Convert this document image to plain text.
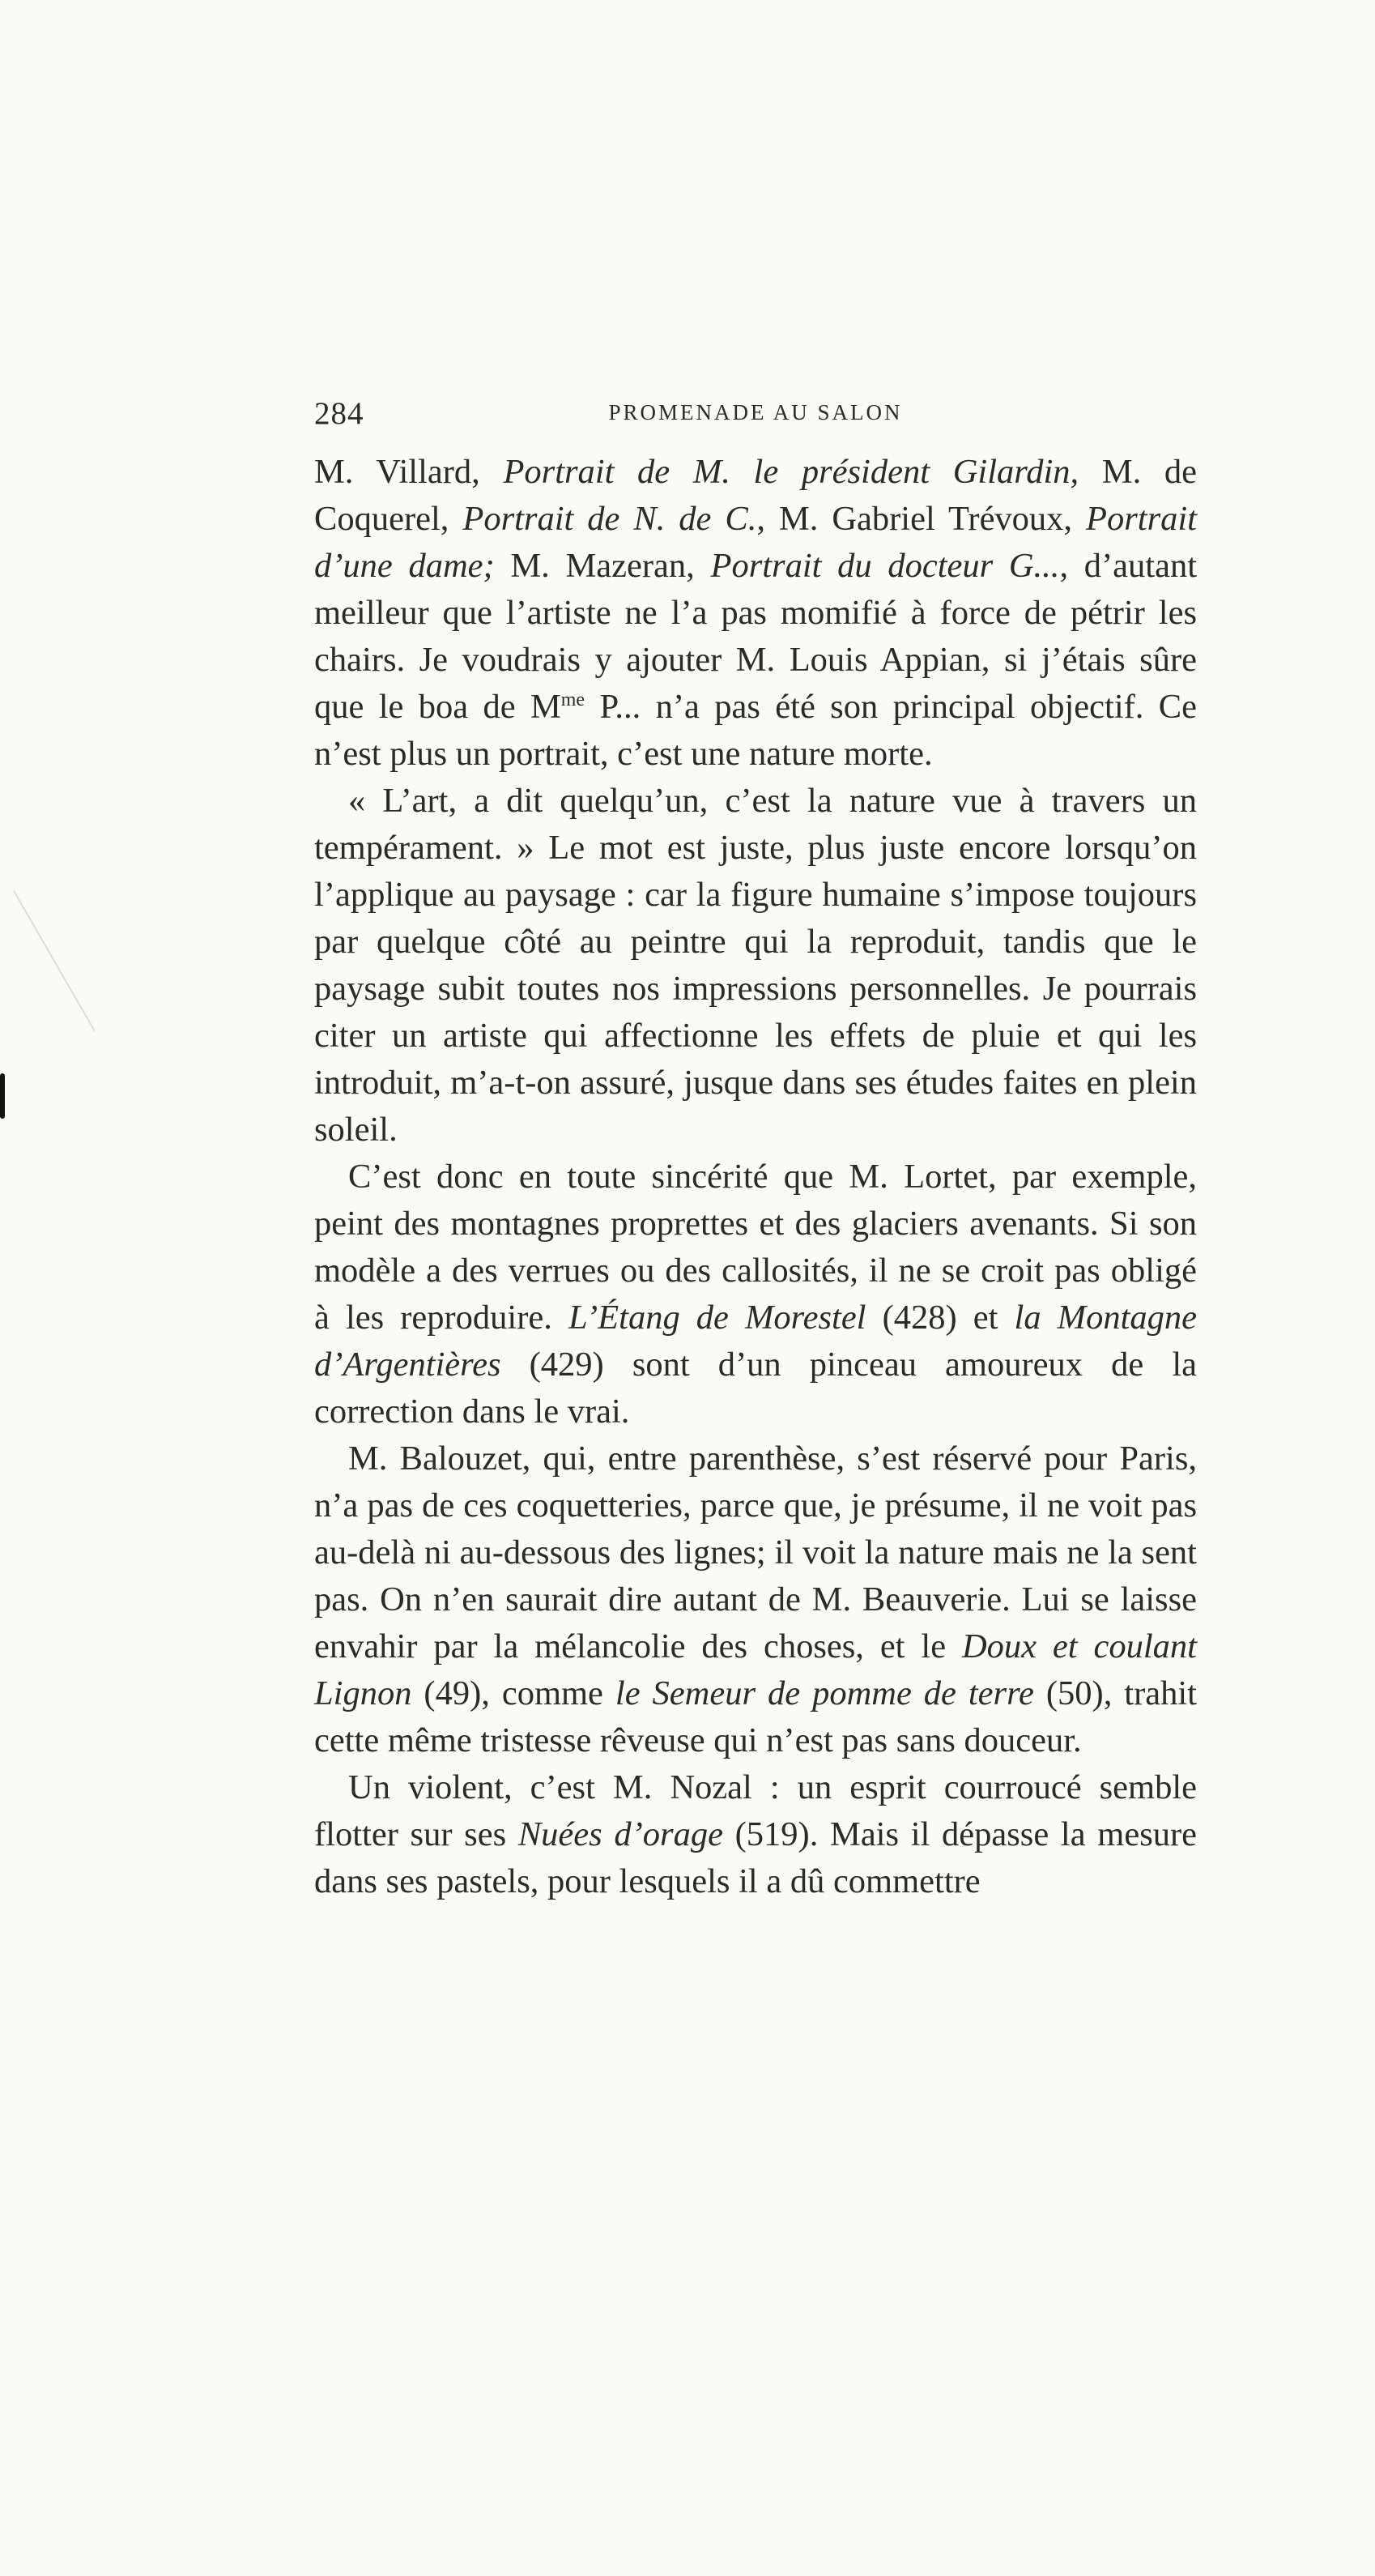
284	PROMENADE AU SALON

M. Villard, Portrait de M. le président Gilardin, M. de Coquerel, Portrait de N. de C., M. Gabriel Trévoux, Portrait d’une dame; M. Mazeran, Portrait du docteur G..., d’autant meilleur que l’artiste ne l’a pas momifié à force de pétrir les chairs. Je voudrais y ajouter M. Louis Appian, si j’étais sûre que le boa de $M^{me}$ P... n’a pas été son principal objectif. Ce n’est plus un portrait, c’est une nature morte.

« L’art, a dit quelqu’un, c’est la nature vue à travers un tempérament. » Le mot est juste, plus juste encore lorsqu’on l’applique au paysage : car la figure humaine s’impose toujours par quelque côté au peintre qui la reproduit, tandis que le paysage subit toutes nos impressions personnelles. Je pourrais citer un artiste qui affectionne les effets de pluie et qui les introduit, m’a-t-on assuré, jusque dans ses études faites en plein soleil.

C’est donc en toute sincérité que M. Lortet, par exemple, peint des montagnes proprettes et des glaciers avenants. Si son modèle a des verrues ou des callosités, il ne se croit pas obligé à les reproduire. L’Étang de Morestel (428) et la Montagne d’Argentières (429) sont d’un pinceau amoureux de la correction dans le vrai.

M. Balouzet, qui, entre parenthèse, s’est réservé pour Paris, n’a pas de ces coquetteries, parce que, je présume, il ne voit pas au-delà ni au-dessous des lignes; il voit la nature mais ne la sent pas. On n’en saurait dire autant de M. Beauverie. Lui se laisse envahir par la mélancolie des choses, et le Doux et coulant Lignon (49), comme le Semeur de pomme de terre (50), trahit cette même tristesse rêveuse qui n’est pas sans douceur.

Un violent, c’est M. Nozal : un esprit courroucé semble flotter sur ses Nuées d’orage (519). Mais il dépasse la mesure dans ses pastels, pour lesquels il a dû commettre
